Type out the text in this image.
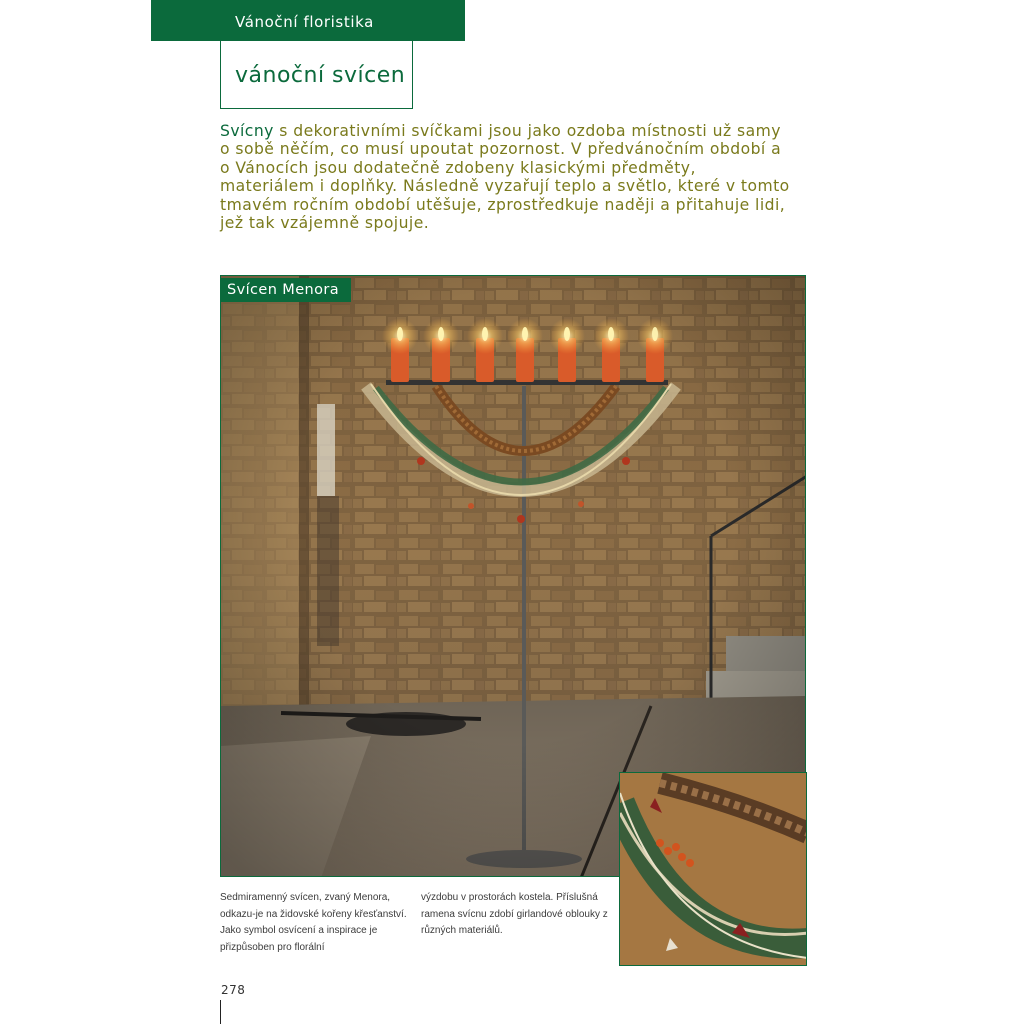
Vánoční floristika
vánoční svícen

Svícny s dekorativními svíčkami jsou jako ozdoba místnosti už samy o sobě něčím, co musí upoutat pozornost. V předvánočním období a o Vánocích jsou dodatečně zdobeny klasickými předměty, materiálem i doplňky. Následně vyzařují teplo a světlo, které v tomto tmavém ročním období utěšuje, zprostředkuje naději a přitahuje lidi, jež tak vzájemně spojuje.

Svícen Menora

Sedmiramenný svícen, zvaný Menora, odkazu-je na židovské kořeny křesťanství. Jako symbol osvícení a inspirace je přizpůsoben pro florální

výzdobu v prostorách kostela. Příslušná ramena svícnu zdobí girlandové oblouky z různých materiálů.

278
